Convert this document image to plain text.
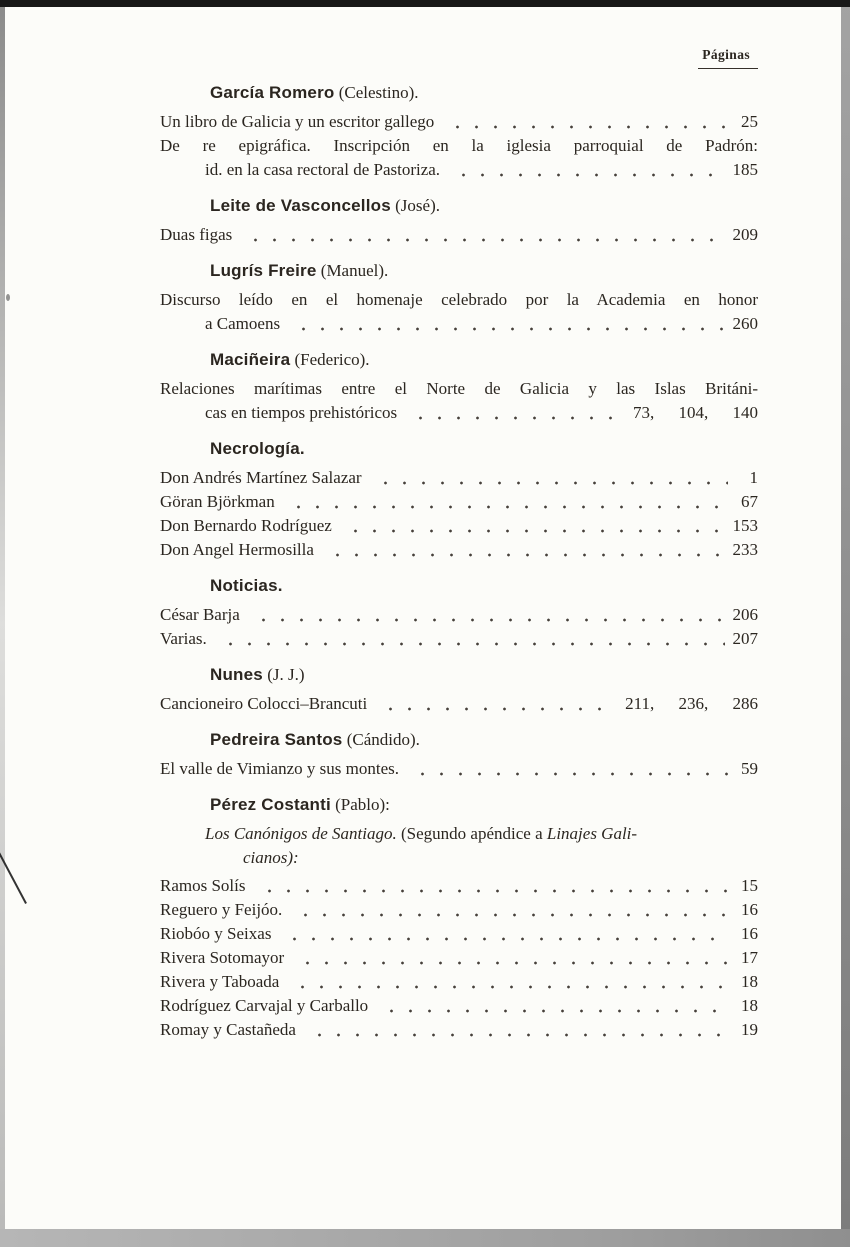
Páginas
García Romero (Celestino).
Un libro de Galicia y un escritor gallego	25
De re epigráfica. Inscripción en la iglesia parroquial de Padrón:
id. en la casa rectoral de Pastoriza.	185
Leite de Vasconcellos (José).
Duas figas	209
Lugrís Freire (Manuel).
Discurso leído en el homenaje celebrado por la Academia en honor
a Camoens	260
Maciñeira (Federico).
Relaciones marítimas entre el Norte de Galicia y las Islas Británi-
cas en tiempos prehistóricos	73, 104, 140
Necrología.
Don Andrés Martínez Salazar	1
Göran Björkman	67
Don Bernardo Rodríguez	153
Don Angel Hermosilla	233
Noticias.
César Barja	206
Varias.	207
Nunes (J. J.)
Cancioneiro Colocci–Brancuti	211, 236, 286
Pedreira Santos (Cándido).
El valle de Vimianzo y sus montes.	59
Pérez Costanti (Pablo):
Los Canónigos de Santiago. (Segundo apéndice a Linajes Gali-
cianos):
Ramos Solís	15
Reguero y Feijóo.	16
Riobóo y Seixas	16
Rivera Sotomayor	17
Rivera y Taboada	18
Rodríguez Carvajal y Carballo	18
Romay y Castañeda	19
